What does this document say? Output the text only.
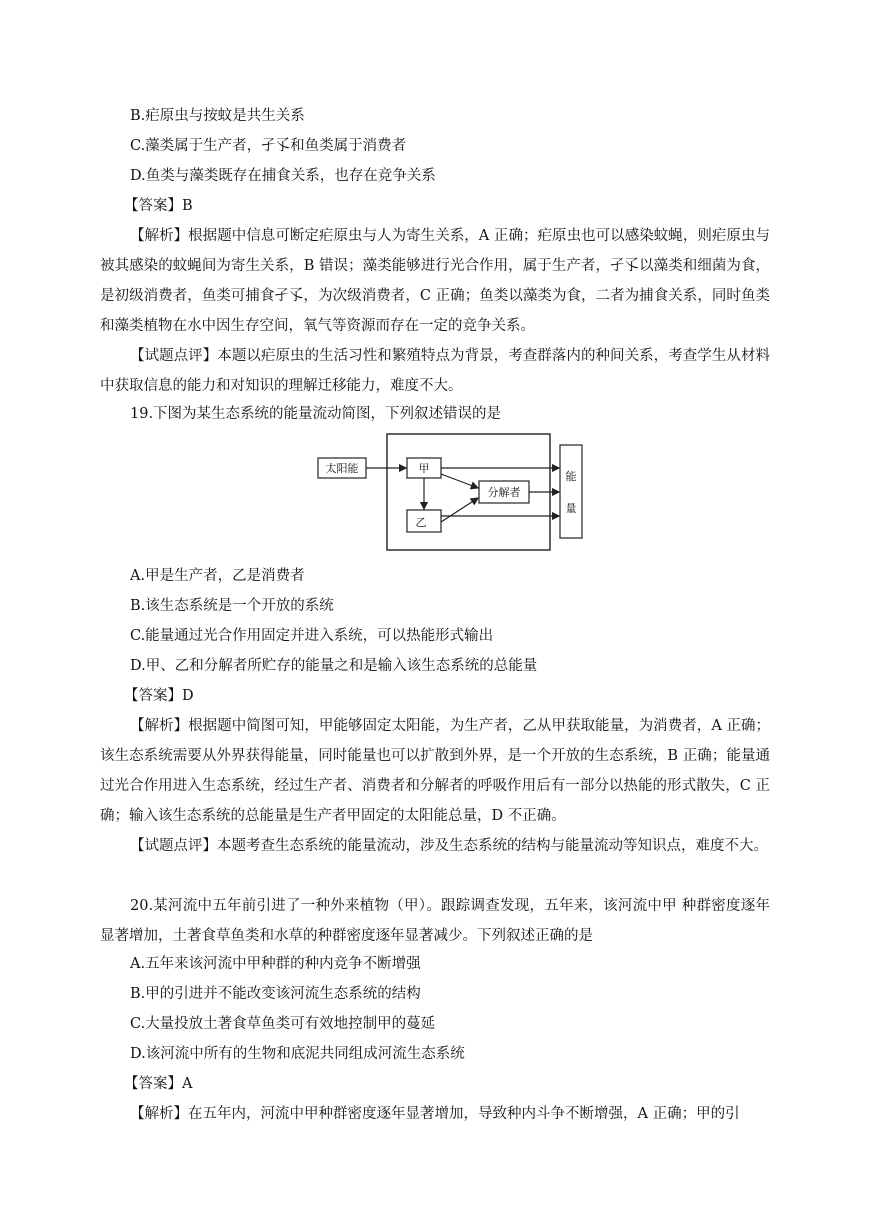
B.疟原虫与按蚊是共生关系
C.藻类属于生产者，孑孓和鱼类属于消费者
D.鱼类与藻类既存在捕食关系，也存在竞争关系
【答案】B
【解析】根据题中信息可断定疟原虫与人为寄生关系，A 正确；疟原虫也可以感染蚊蝇，则疟原虫与被其感染的蚊蝇间为寄生关系，B 错误；藻类能够进行光合作用，属于生产者，孑孓以藻类和细菌为食，是初级消费者，鱼类可捕食孑孓，为次级消费者，C 正确；鱼类以藻类为食，二者为捕食关系，同时鱼类和藻类植物在水中因生存空间，氧气等资源而存在一定的竞争关系。
【试题点评】本题以疟原虫的生活习性和繁殖特点为背景，考查群落内的种间关系，考查学生从材料中获取信息的能力和对知识的理解迁移能力，难度不大。
19.下图为某生态系统的能量流动简图，下列叙述错误的是
太阳能	甲
乙
分解者
能
量
A.甲是生产者，乙是消费者
B.该生态系统是一个开放的系统
C.能量通过光合作用固定并进入系统，可以热能形式输出
D.甲、乙和分解者所贮存的能量之和是输入该生态系统的总能量
【答案】D
【解析】根据题中简图可知，甲能够固定太阳能，为生产者，乙从甲获取能量，为消费者，A 正确；该生态系统需要从外界获得能量，同时能量也可以扩散到外界，是一个开放的生态系统，B 正确；能量通过光合作用进入生态系统，经过生产者、消费者和分解者的呼吸作用后有一部分以热能的形式散失，C 正确；输入该生态系统的总能量是生产者甲固定的太阳能总量，D 不正确。
【试题点评】本题考查生态系统的能量流动，涉及生态系统的结构与能量流动等知识点，难度不大。
20.某河流中五年前引进了一种外来植物（甲）。跟踪调查发现，五年来，该河流中甲 种群密度逐年显著增加，土著食草鱼类和水草的种群密度逐年显著减少。下列叙述正确的是
A.五年来该河流中甲种群的种内竞争不断增强
B.甲的引进并不能改变该河流生态系统的结构
C.大量投放土著食草鱼类可有效地控制甲的蔓延
D.该河流中所有的生物和底泥共同组成河流生态系统
【答案】A
【解析】在五年内，河流中甲种群密度逐年显著增加，导致种内斗争不断增强，A 正确；甲的引
